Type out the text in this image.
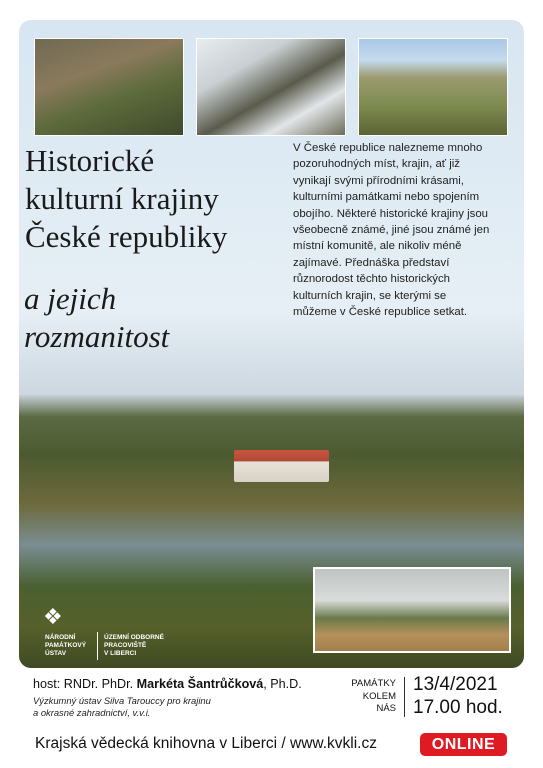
❖
NÁRODNÍ
PAMÁTKOVÝ
ÚSTAV
ÚZEMNÍ ODBORNÉ
PRACOVIŠTĚ
V LIBERCI
Historické
kulturní krajiny
České republiky
a jejich
rozmanitost

V České republice nalezneme mnoho pozoruhodných míst, krajin, ať již vynikají svými přírodními krásami, kulturními památkami nebo spojením obojího. Některé historické krajiny jsou všeobecně známé, jiné jsou známé jen místní komunitě, ale nikoliv méně zajímavé. Přednáška představí různorodost těchto historických kulturních krajin, se kterými se můžeme v České republice setkat.

host: RNDr. PhDr. Markéta Šantrůčková, Ph.D.
Výzkumný ústav Silva Tarouccy pro krajinu
a okrasné zahradnictví, v.v.i.
PAMÁTKY
KOLEM
NÁS
13/4/2021
17.00 hod.
Krajská vědecká knihovna v Liberci / www.kvkli.cz	ONLINE
